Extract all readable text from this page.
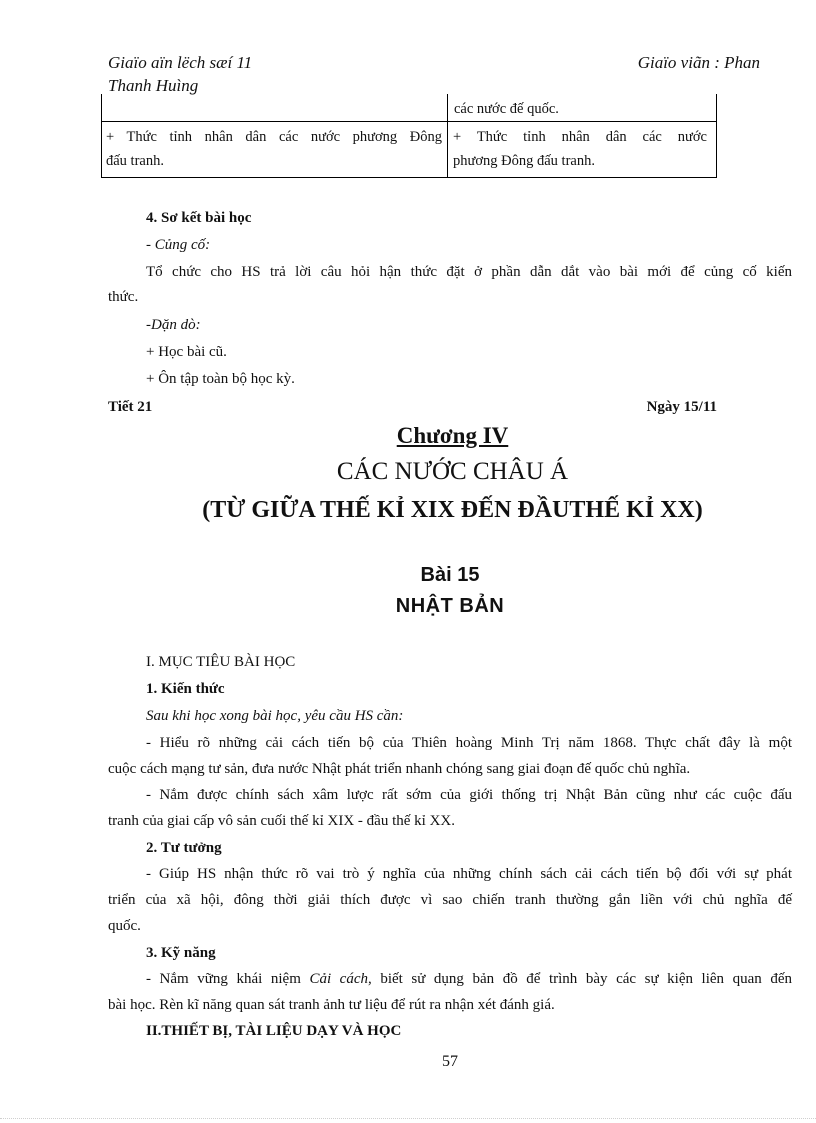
Giaïo aïn lëch sæí 11
Thanh Huìng
Giaïo viãn : Phan
các nước đế quốc.
+ Thức tỉnh nhân dân các nước phương Đông
đấu tranh.
+ Thức tỉnh nhân dân các nước
phương Đông đấu tranh.
4. Sơ kết bài học
- Củng cố:
Tổ chức cho HS trả lời câu hỏi hận thức đặt ở phần dẫn dắt vào bài mới để củng cố kiến
thức.
-Dặn dò:
+ Học bài cũ.
+ Ôn tập toàn bộ học kỳ.
Tiết 21	Ngày 15/11
Chương IV
CÁC NƯỚC CHÂU Á
(TỪ GIỮA THẾ KỈ XIX ĐẾN ĐẦUTHẾ KỈ XX)
Bài 15
NHẬT BẢN
I. MỤC TIÊU BÀI HỌC
1. Kiến thức
Sau khi học xong bài học, yêu cầu HS cần:
- Hiểu rõ những cải cách tiến bộ của Thiên hoàng Minh Trị năm 1868. Thực chất đây là một
cuộc cách mạng tư sản, đưa nước Nhật phát triển nhanh chóng sang giai đoạn đế quốc chủ nghĩa.
- Nắm được chính sách xâm lược rất sớm của giới thống trị Nhật Bản cũng như các cuộc đấu
tranh của giai cấp vô sản cuối thế kỉ XIX - đầu thế kỉ XX.
2. Tư tưởng
- Giúp HS nhận thức rõ vai trò ý nghĩa của những chính sách cải cách tiến bộ đối với sự phát
triển của xã hội, đông thời giải thích được vì sao chiến tranh thường gắn liền với chủ nghĩa đế
quốc.
3. Kỹ năng
- Nắm vững khái niệm Cải cách, biết sử dụng bản đồ để trình bày các sự kiện liên quan đến
bài học. Rèn kĩ năng quan sát tranh ảnh tư liệu để rút ra nhận xét đánh giá.
II.THIẾT BỊ, TÀI LIỆU DẠY VÀ HỌC
57
